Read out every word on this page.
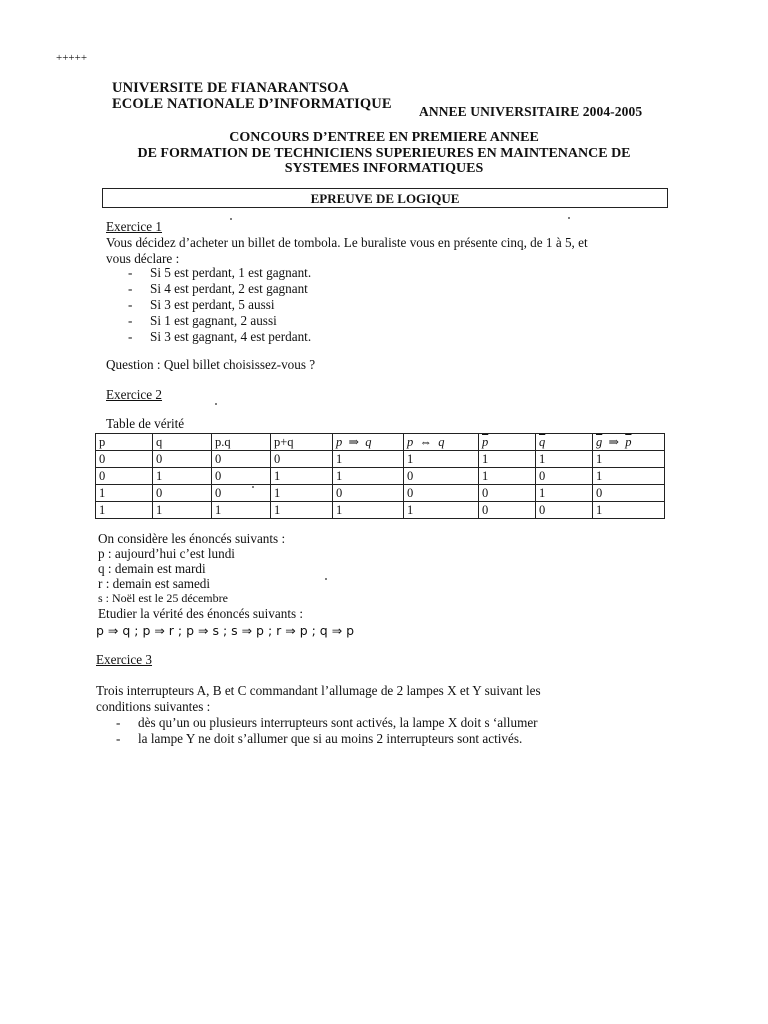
+++++
UNIVERSITE DE FIANARANTSOA
ECOLE NATIONALE D’INFORMATIQUE ANNEE UNIVERSITAIRE 2004-2005
CONCOURS D’ENTREE EN PREMIERE ANNEE
DE FORMATION DE TECHNICIENS SUPERIEURES EN MAINTENANCE DE
SYSTEMES INFORMATIQUES
EPREUVE DE LOGIQUE
Exercice 1
Vous décidez d’acheter un billet de tombola. Le buraliste vous en présente cinq, de 1 à 5, et
vous déclare :
- Si 5 est perdant, 1 est gagnant.
- Si 4 est perdant, 2 est gagnant
- Si 3 est perdant, 5 aussi
- Si 1 est gagnant, 2 aussi
- Si 3 est gagnant, 4 est perdant.
Question : Quel billet choisissez-vous ?
Exercice 2
Table de vérité
p	q	p.q	p+q	p ⇒ q	p ⇔ q	$\overline{p}$	$\overline{q}$	$\overline{g}$ ⇒ $\overline{p}$
0	0	0	0	1	1	1	1	1
0	1	0	1	1	0	1	0	1
1	0	0	1	0	0	0	1	0
1	1	1	1	1	1	0	0	1
On considère les énoncés suivants :
p : aujourd’hui c’est lundi
q : demain est mardi
r : demain est samedi
s : Noël est le 25 décembre
Etudier la vérité des énoncés suivants :
p ⇒ q ; p ⇒ r ; p ⇒ s ; s ⇒ p ; r ⇒ p ; q ⇒ p
Exercice 3
Trois interrupteurs A, B et C commandant l’allumage de 2 lampes X et Y suivant les
conditions suivantes :
- dès qu’un ou plusieurs interrupteurs sont activés, la lampe X doit s ‘allumer
- la lampe Y ne doit s’allumer que si au moins 2 interrupteurs sont activés.
